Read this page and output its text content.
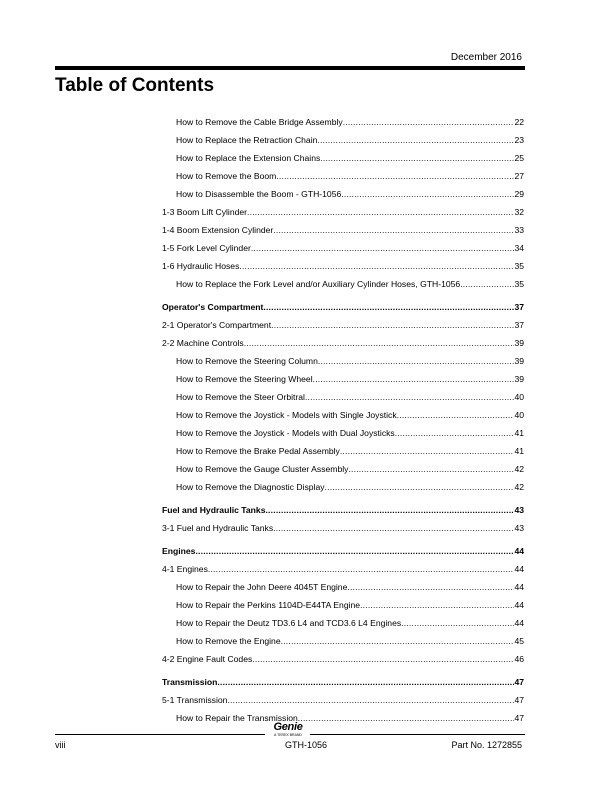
December 2016
Table of Contents
How to Remove the Cable Bridge Assembly .....	22
How to Replace the Retraction Chain .....	23
How to Replace the Extension Chains .....	25
How to Remove the Boom .....	27
How to Disassemble the Boom - GTH-1056 .....	29
1-3 Boom Lift Cylinder .....	32
1-4 Boom Extension Cylinder .....	33
1-5 Fork Level Cylinder .....	34
1-6 Hydraulic Hoses .....	35
How to Replace the Fork Level and/or Auxiliary Cylinder Hoses, GTH-1056 .....	35
Operator's Compartment .....	37
2-1 Operator's Compartment .....	37
2-2 Machine Controls .....	39
How to Remove the Steering Column .....	39
How to Remove the Steering Wheel .....	39
How to Remove the Steer Orbitral .....	40
How to Remove the Joystick - Models with Single Joystick .....	40
How to Remove the Joystick - Models with Dual Joysticks .....	41
How to Remove the Brake Pedal Assembly .....	41
How to Remove the Gauge Cluster Assembly .....	42
How to Remove the Diagnostic Display .....	42
Fuel and Hydraulic Tanks .....	43
3-1 Fuel and Hydraulic Tanks .....	43
Engines .....	44
4-1 Engines .....	44
How to Repair the John Deere 4045T Engine .....	44
How to Repair the Perkins 1104D-E44TA Engine .....	44
How to Repair the Deutz TD3.6 L4 and TCD3.6 L4 Engines .....	44
How to Remove the Engine .....	45
4-2 Engine Fault Codes .....	46
Transmission .....	47
5-1 Transmission .....	47
How to Repair the Transmission .....	47
Genie
A TEREX BRAND
viii	GTH-1056	Part No. 1272855
